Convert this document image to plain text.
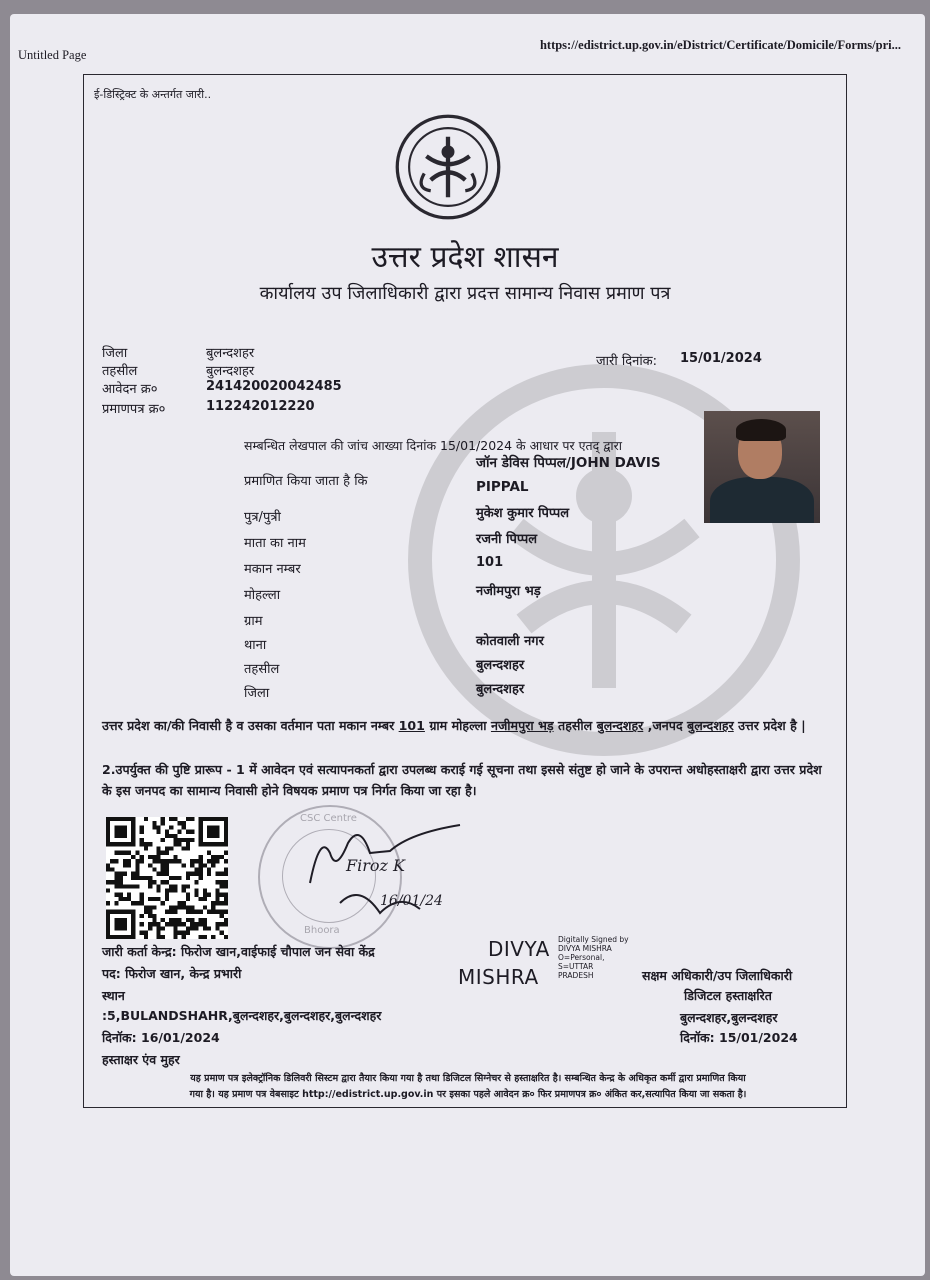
Untitled Page
https://edistrict.up.gov.in/eDistrict/Certificate/Domicile/Forms/pri...
ई-डिस्ट्रिक्ट के अन्तर्गत जारी..
उत्तर प्रदेश शासन
कार्यालय उप जिलाधिकारी द्वारा प्रदत्त सामान्य निवास प्रमाण पत्र
जिला	बुलन्दशहर
तहसील	बुलन्दशहर
आवेदन क्र०	241420020042485
प्रमाणपत्र क्र०	112242012220
जारी दिनांक: 15/01/2024
सम्बन्धित लेखपाल की जांच आख्या दिनांक 15/01/2024 के आधार पर एतद् द्वारा
प्रमाणित किया जाता है कि
जॉन डेविस पिप्पल/JOHN DAVIS
PIPPAL
पुत्र/पुत्री	मुकेश कुमार पिप्पल
माता का नाम	रजनी पिप्पल
मकान नम्बर	101
मोहल्ला	नजीमपुरा भड़
ग्राम
थाना	कोतवाली नगर
तहसील	बुलन्दशहर
जिला	बुलन्दशहर
उत्तर प्रदेश का/की निवासी है व उसका वर्तमान पता मकान नम्बर 101 ग्राम मोहल्ला नजीमपुरा भड़ तहसील बुलन्दशहर ,जनपद बुलन्दशहर उत्तर प्रदेश है |
2.उपर्युक्त की पुष्टि प्रारूप - 1 में आवेदन एवं सत्यापनकर्ता द्वारा उपलब्ध कराई गई सूचना तथा इससे संतुष्ट हो जाने के उपरान्त अधोहस्ताक्षरी द्वारा उत्तर प्रदेश के इस जनपद का सामान्य निवासी होने विषयक प्रमाण पत्र निर्गत किया जा रहा है।
CSC Centre
Bhoora
Firoz K
16/01/24
जारी कर्ता केन्द्र: फिरोज खान,वाईफाई चौपाल जन सेवा केंद्र
पद: फिरोज खान, केन्द्र प्रभारी
स्थान
:5,BULANDSHAHR,बुलन्दशहर,बुलन्दशहर,बुलन्दशहर
दिनॉक: 16/01/2024
हस्ताक्षर एंव मुहर
DIVYA
MISHRA
Digitally Signed by
DIVYA MISHRA
O=Personal,
S=UTTAR
PRADESH	सक्षम अधिकारी/उप जिलाधिकारी
डिजिटल हस्ताक्षरित
बुलन्दशहर,बुलन्दशहर
दिनॉक: 15/01/2024
यह प्रमाण पत्र इलेक्ट्रॉनिक डिलिवरी सिस्टम द्वारा तैयार किया गया है तथा डिजिटल सिग्नेचर से हस्ताक्षरित है। सम्बन्धित केन्द्र के अधिकृत कर्मी द्वारा प्रमाणित किया
गया है। यह प्रमाण पत्र वेबसाइट http://edistrict.up.gov.in पर इसका पहले आवेदन क्र० फिर प्रमाणपत्र क्र० अंकित कर,सत्यापित किया जा सकता है।
